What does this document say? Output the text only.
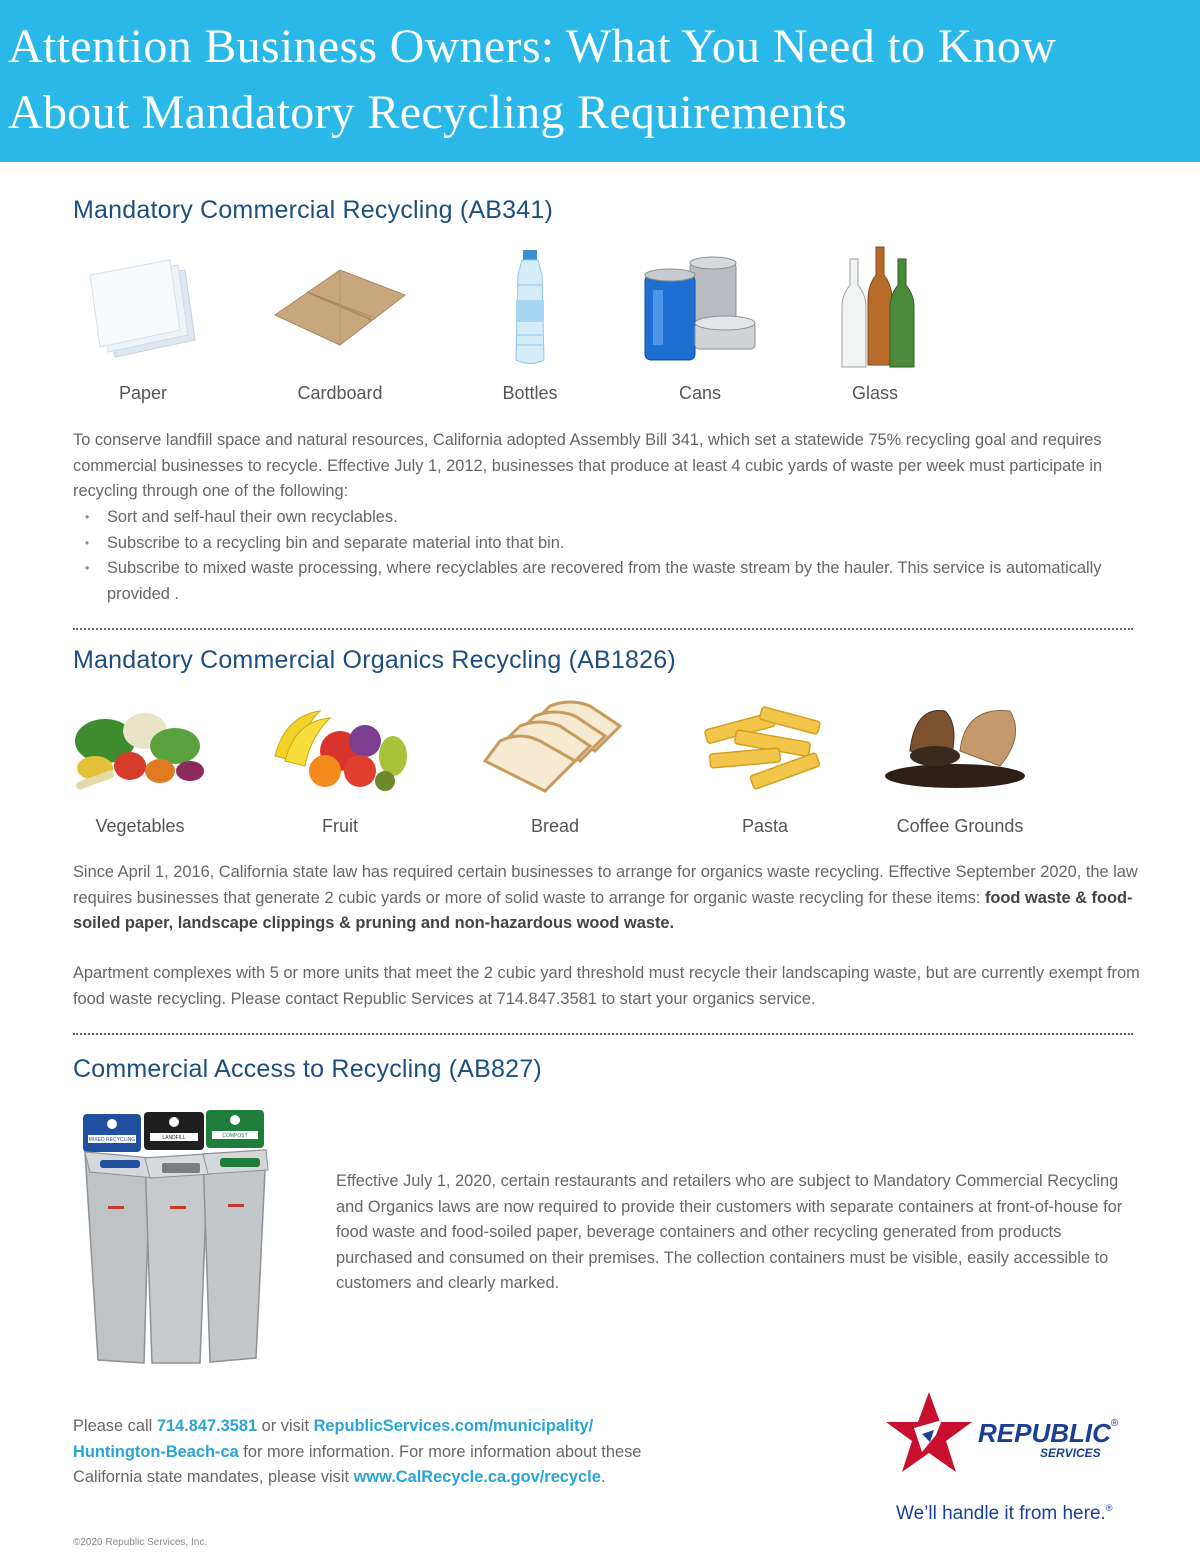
Attention Business Owners: What You Need to Know
About Mandatory Recycling Requirements
Mandatory Commercial Recycling (AB341)
Paper	Cardboard	Bottles	Cans	Glass

To conserve landfill space and natural resources, California adopted Assembly Bill 341, which set a statewide 75% recycling goal and requires commercial businesses to recycle. Effective July 1, 2012, businesses that produce at least 4 cubic yards of waste per week must participate in recycling through one of the following:

• Sort and self-haul their own recyclables.
• Subscribe to a recycling bin and separate material into that bin.
• Subscribe to mixed waste processing, where recyclables are recovered from the waste stream by the hauler. This service is automatically provided .
Mandatory Commercial Organics Recycling (AB1826)
Vegetables	Fruit	Bread	Pasta	Coffee Grounds

Since April 1, 2016, California state law has required certain businesses to arrange for organics waste recycling. Effective September 2020, the law requires businesses that generate 2 cubic yards or more of solid waste to arrange for organic waste recycling for these items: food waste & food-soiled paper, landscape clippings & pruning and non-hazardous wood waste.

Apartment complexes with 5 or more units that meet the 2 cubic yard threshold must recycle their landscaping waste, but are currently exempt from food waste recycling. Please contact Republic Services at 714.847.3581 to start your organics service.

Commercial Access to Recycling (AB827)
MIXED RECYCLING	LANDFILL	COMPOST

Effective July 1, 2020, certain restaurants and retailers who are subject to Mandatory Commercial Recycling and Organics laws are now required to provide their customers with separate containers at front-of-house for food waste and food-soiled paper, beverage containers and other recycling generated from products purchased and consumed on their premises. The collection containers must be visible, easily accessible to customers and clearly marked.

Please call 714.847.3581 or visit RepublicServices.com/municipality/
Huntington-Beach-ca for more information. For more information about these
California state mandates, please visit www.CalRecycle.ca.gov/recycle.

REPUBLIC®
SERVICES
We’ll handle it from here.®
©2020 Republic Services, Inc.
